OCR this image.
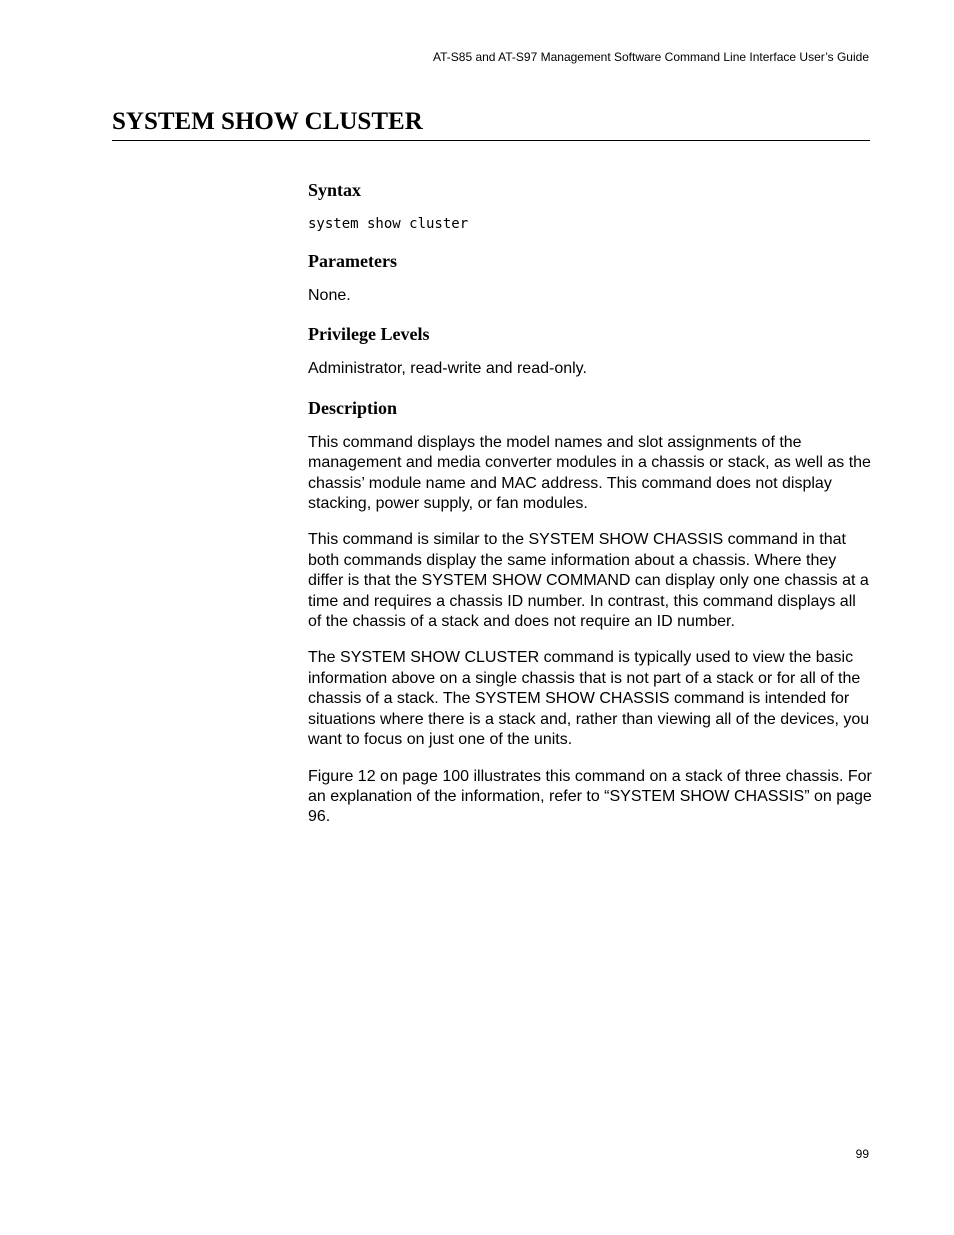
AT-S85 and AT-S97 Management Software Command Line Interface User’s Guide
SYSTEM SHOW CLUSTER
Syntax
system show cluster
Parameters

None.

Privilege Levels

Administrator, read-write and read-only.

Description

This command displays the model names and slot assignments of the management and media converter modules in a chassis or stack, as well as the chassis’ module name and MAC address. This command does not display stacking, power supply, or fan modules.

This command is similar to the SYSTEM SHOW CHASSIS command in that both commands display the same information about a chassis. Where they differ is that the SYSTEM SHOW COMMAND can display only one chassis at a time and requires a chassis ID number. In contrast, this command displays all of the chassis of a stack and does not require an ID number.

The SYSTEM SHOW CLUSTER command is typically used to view the basic information above on a single chassis that is not part of a stack or for all of the chassis of a stack. The SYSTEM SHOW CHASSIS command is intended for situations where there is a stack and, rather than viewing all of the devices, you want to focus on just one of the units.

Figure 12 on page 100 illustrates this command on a stack of three chassis. For an explanation of the information, refer to “SYSTEM SHOW CHASSIS” on page 96.

99
